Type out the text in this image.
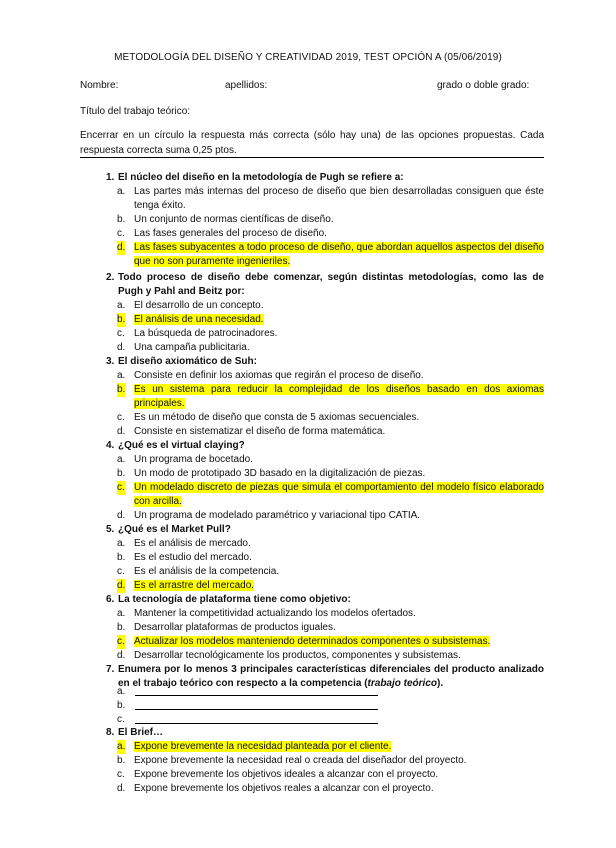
METODOLOGÍA DEL DISEÑO Y CREATIVIDAD 2019, TEST OPCIÓN A (05/06/2019)
Nombre:	apellidos:	grado o doble grado:
Título del trabajo teórico:
Encerrar en un círculo la respuesta más correcta (sólo hay una) de las opciones propuestas. Cada respuesta correcta suma 0,25 ptos.
1. El núcleo del diseño en la metodología de Pugh se refiere a:
a. Las partes más internas del proceso de diseño que bien desarrolladas consiguen que éste tenga éxito.
b. Un conjunto de normas científicas de diseño.
c. Las fases generales del proceso de diseño.
d. Las fases subyacentes a todo proceso de diseño, que abordan aquellos aspectos del diseño que no son puramente ingenieriles.
2. Todo proceso de diseño debe comenzar, según distintas metodologías, como las de Pugh y Pahl and Beitz por:
a. El desarrollo de un concepto.
b. El análisis de una necesidad.
c. La búsqueda de patrocinadores.
d. Una campaña publicitaria.
3. El diseño axiomático de Suh:
a. Consiste en definir los axiomas que regirán el proceso de diseño.
b. Es un sistema para reducir la complejidad de los diseños basado en dos axiomas principales.
c. Es un método de diseño que consta de 5 axiomas secuenciales.
d. Consiste en sistematizar el diseño de forma matemática.
4. ¿Qué es el virtual claying?
a. Un programa de bocetado.
b. Un modo de prototipado 3D basado en la digitalización de piezas.
c. Un modelado discreto de piezas que simula el comportamiento del modelo físico elaborado con arcilla.
d. Un programa de modelado paramétrico y variacional tipo CATIA.
5. ¿Qué es el Market Pull?
a. Es el análisis de mercado.
b. Es el estudio del mercado.
c. Es el análisis de la competencia.
d. Es el arrastre del mercado.
6. La tecnología de plataforma tiene como objetivo:
a. Mantener la competitividad actualizando los modelos ofertados.
b. Desarrollar plataformas de productos iguales.
c. Actualizar los modelos manteniendo determinados componentes o subsistemas.
d. Desarrollar tecnológicamente los productos, componentes y subsistemas.
7. Enumera por lo menos 3 principales características diferenciales del producto analizado en el trabajo teórico con respecto a la competencia (trabajo teórico).
a.
b.
c.
8. El Brief…
a. Expone brevemente la necesidad planteada por el cliente.
b. Expone brevemente la necesidad real o creada del diseñador del proyecto.
c. Expone brevemente los objetivos ideales a alcanzar con el proyecto.
d. Expone brevemente los objetivos reales a alcanzar con el proyecto.
